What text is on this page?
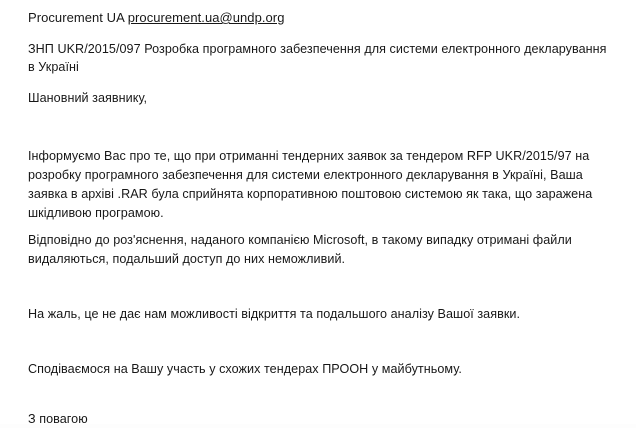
Procurement UA procurement.ua@undp.org
ЗНП UKR/2015/097 Розробка програмного забезпечення для системи електронного декларування
в Україні
Шановний заявнику,
Інформуємо Вас про те, що при отриманні тендерних заявок за тендером RFP UKR/2015/97 на
розробку програмного забезпечення для системи електронного декларування в Україні, Ваша
заявка в архіві .RAR була сприйнята корпоративною поштовою системою як така, що заражена
шкідливою програмою.
Відповідно до роз'яснення, наданого компанією Microsoft, в такому випадку отримані файли
видаляються, подальший доступ до них неможливий.
На жаль, це не дає нам можливості відкриття та подальшого аналізу Вашої заявки.
Сподіваємося на Вашу участь у схожих тендерах ПРООН у майбутньому.
З повагою
